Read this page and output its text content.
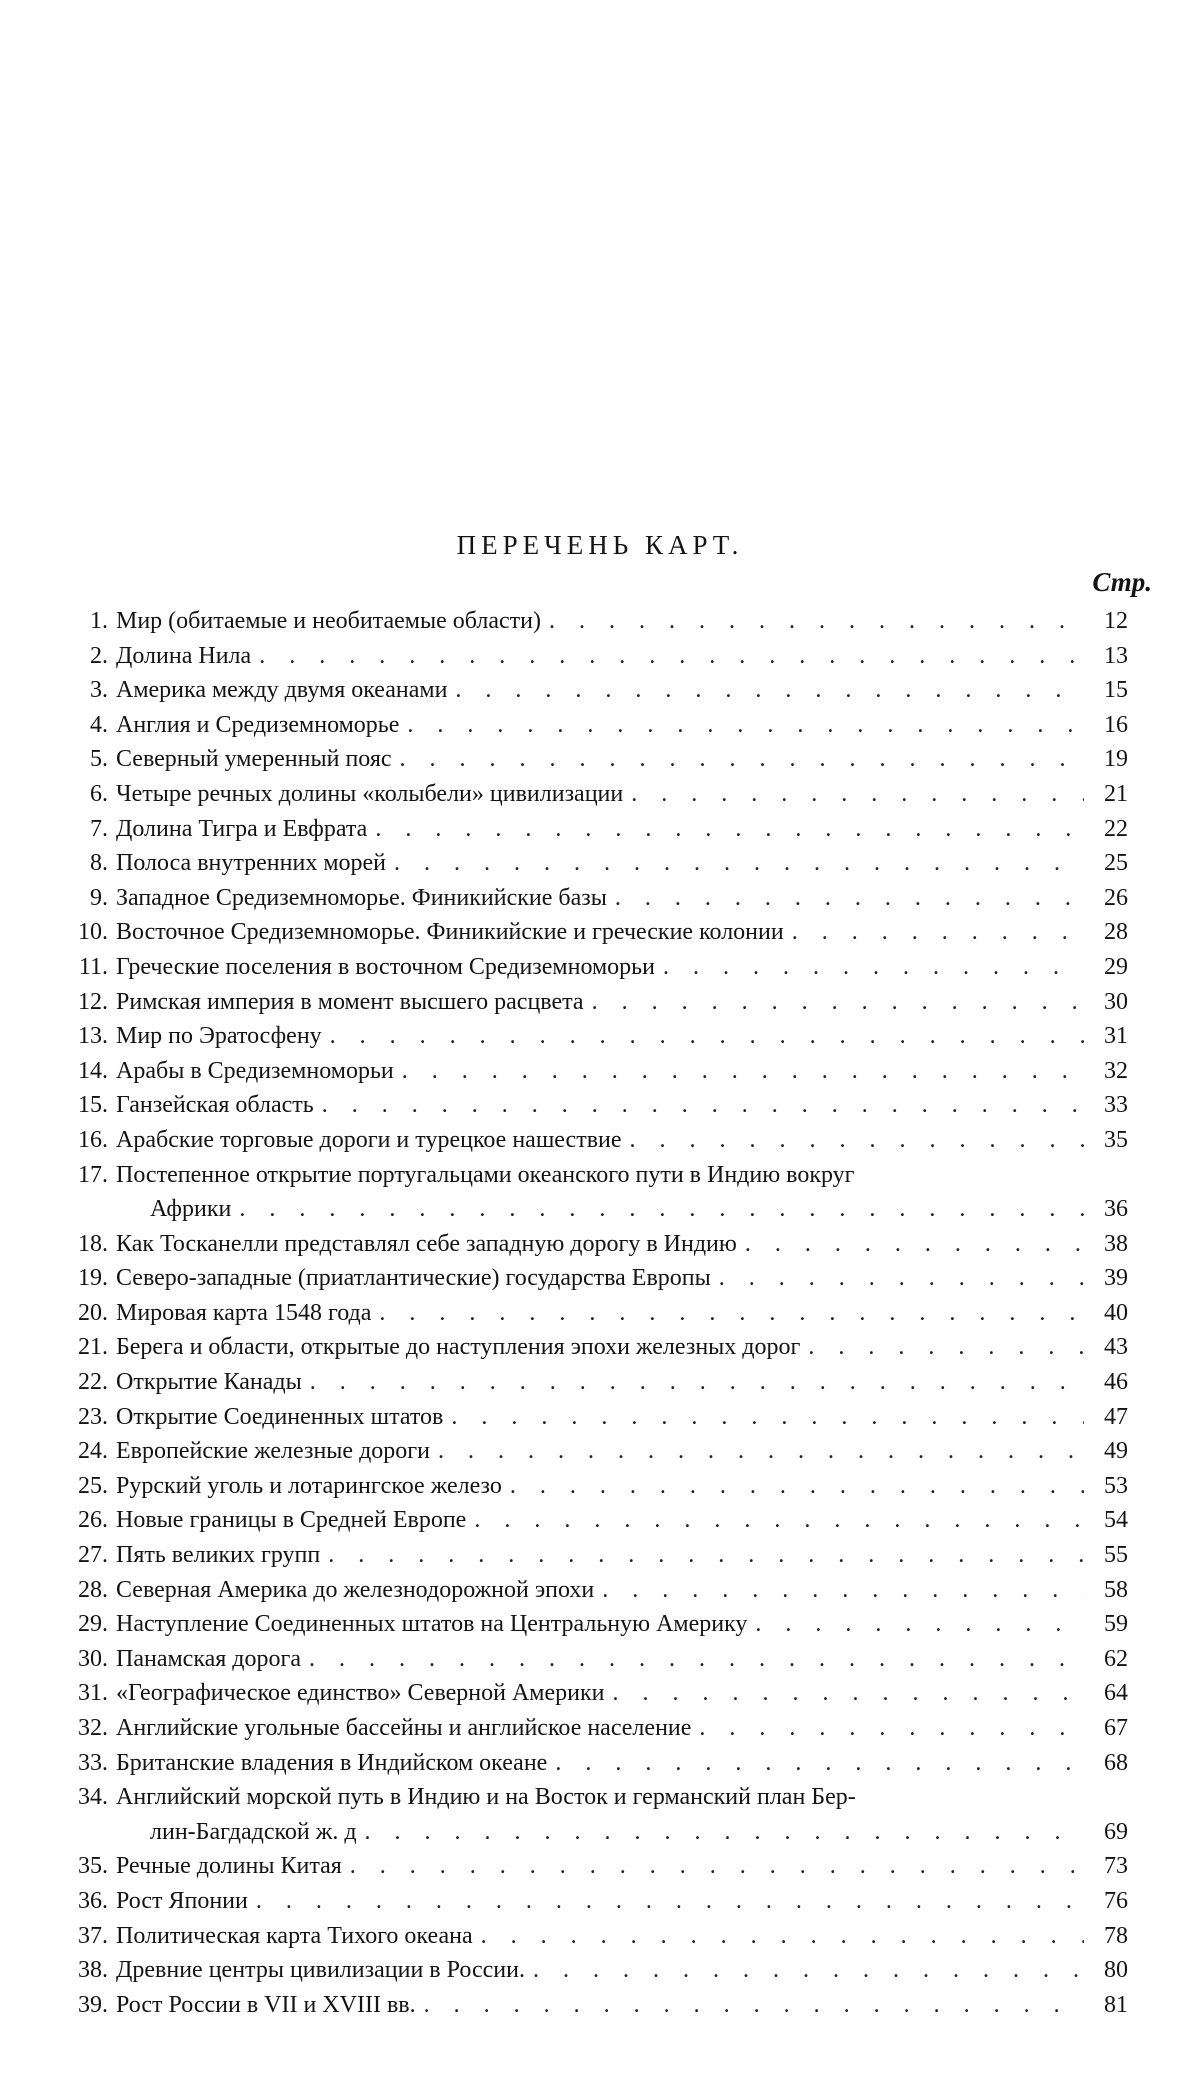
ПЕРЕЧЕНЬ КАРТ.
Стр.
1. Мир (обитаемые и необитаемые области) . . .	12
2. Долина Нила . . .	13
3. Америка между двумя океанами . . .	15
4. Англия и Средиземноморье . . .	16
5. Северный умеренный пояс . . .	19
6. Четыре речных долины «колыбели» цивилизации . . .	21
7. Долина Тигра и Евфрата . . .	22
8. Полоса внутренних морей . . .	25
9. Западное Средиземноморье. Финикийские базы . . .	26
10. Восточное Средиземноморье. Финикийские и греческие колонии . . .	28
11. Греческие поселения в восточном Средиземноморьи . . .	29
12. Римская империя в момент высшего расцвета . . .	30
13. Мир по Эратосфену . . .	31
14. Арабы в Средиземноморьи . . .	32
15. Ганзейская область . . .	33
16. Арабские торговые дороги и турецкое нашествие . . .	35
17. Постепенное открытие португальцами океанского пути в Индию вокруг
Африки . . .	36
18. Как Тосканелли представлял себе западную дорогу в Индию . . .	38
19. Северо-западные (приатлантические) государства Европы . . .	39
20. Мировая карта 1548 года . . .	40
21. Берега и области, открытые до наступления эпохи железных дорог . . .	43
22. Открытие Канады . . .	46
23. Открытие Соединенных штатов . . .	47
24. Европейские железные дороги . . .	49
25. Рурский уголь и лотарингское железо . . .	53
26. Новые границы в Средней Европе . . .	54
27. Пять великих групп . . .	55
28. Северная Америка до железнодорожной эпохи . . .	58
29. Наступление Соединенных штатов на Центральную Америку . . .	59
30. Панамская дорога . . .	62
31. «Географическое единство» Северной Америки . . .	64
32. Английские угольные бассейны и английское население . . .	67
33. Британские владения в Индийском океане . . .	68
34. Английский морской путь в Индию и на Восток и германский план Бер-
лин-Багдадской ж. д . . .	69
35. Речные долины Китая . . .	73
36. Рост Японии . . .	76
37. Политическая карта Тихого океана . . .	78
38. Древние центры цивилизации в России. . . .	80
39. Рост России в VII и XVIII вв. . . .	81
